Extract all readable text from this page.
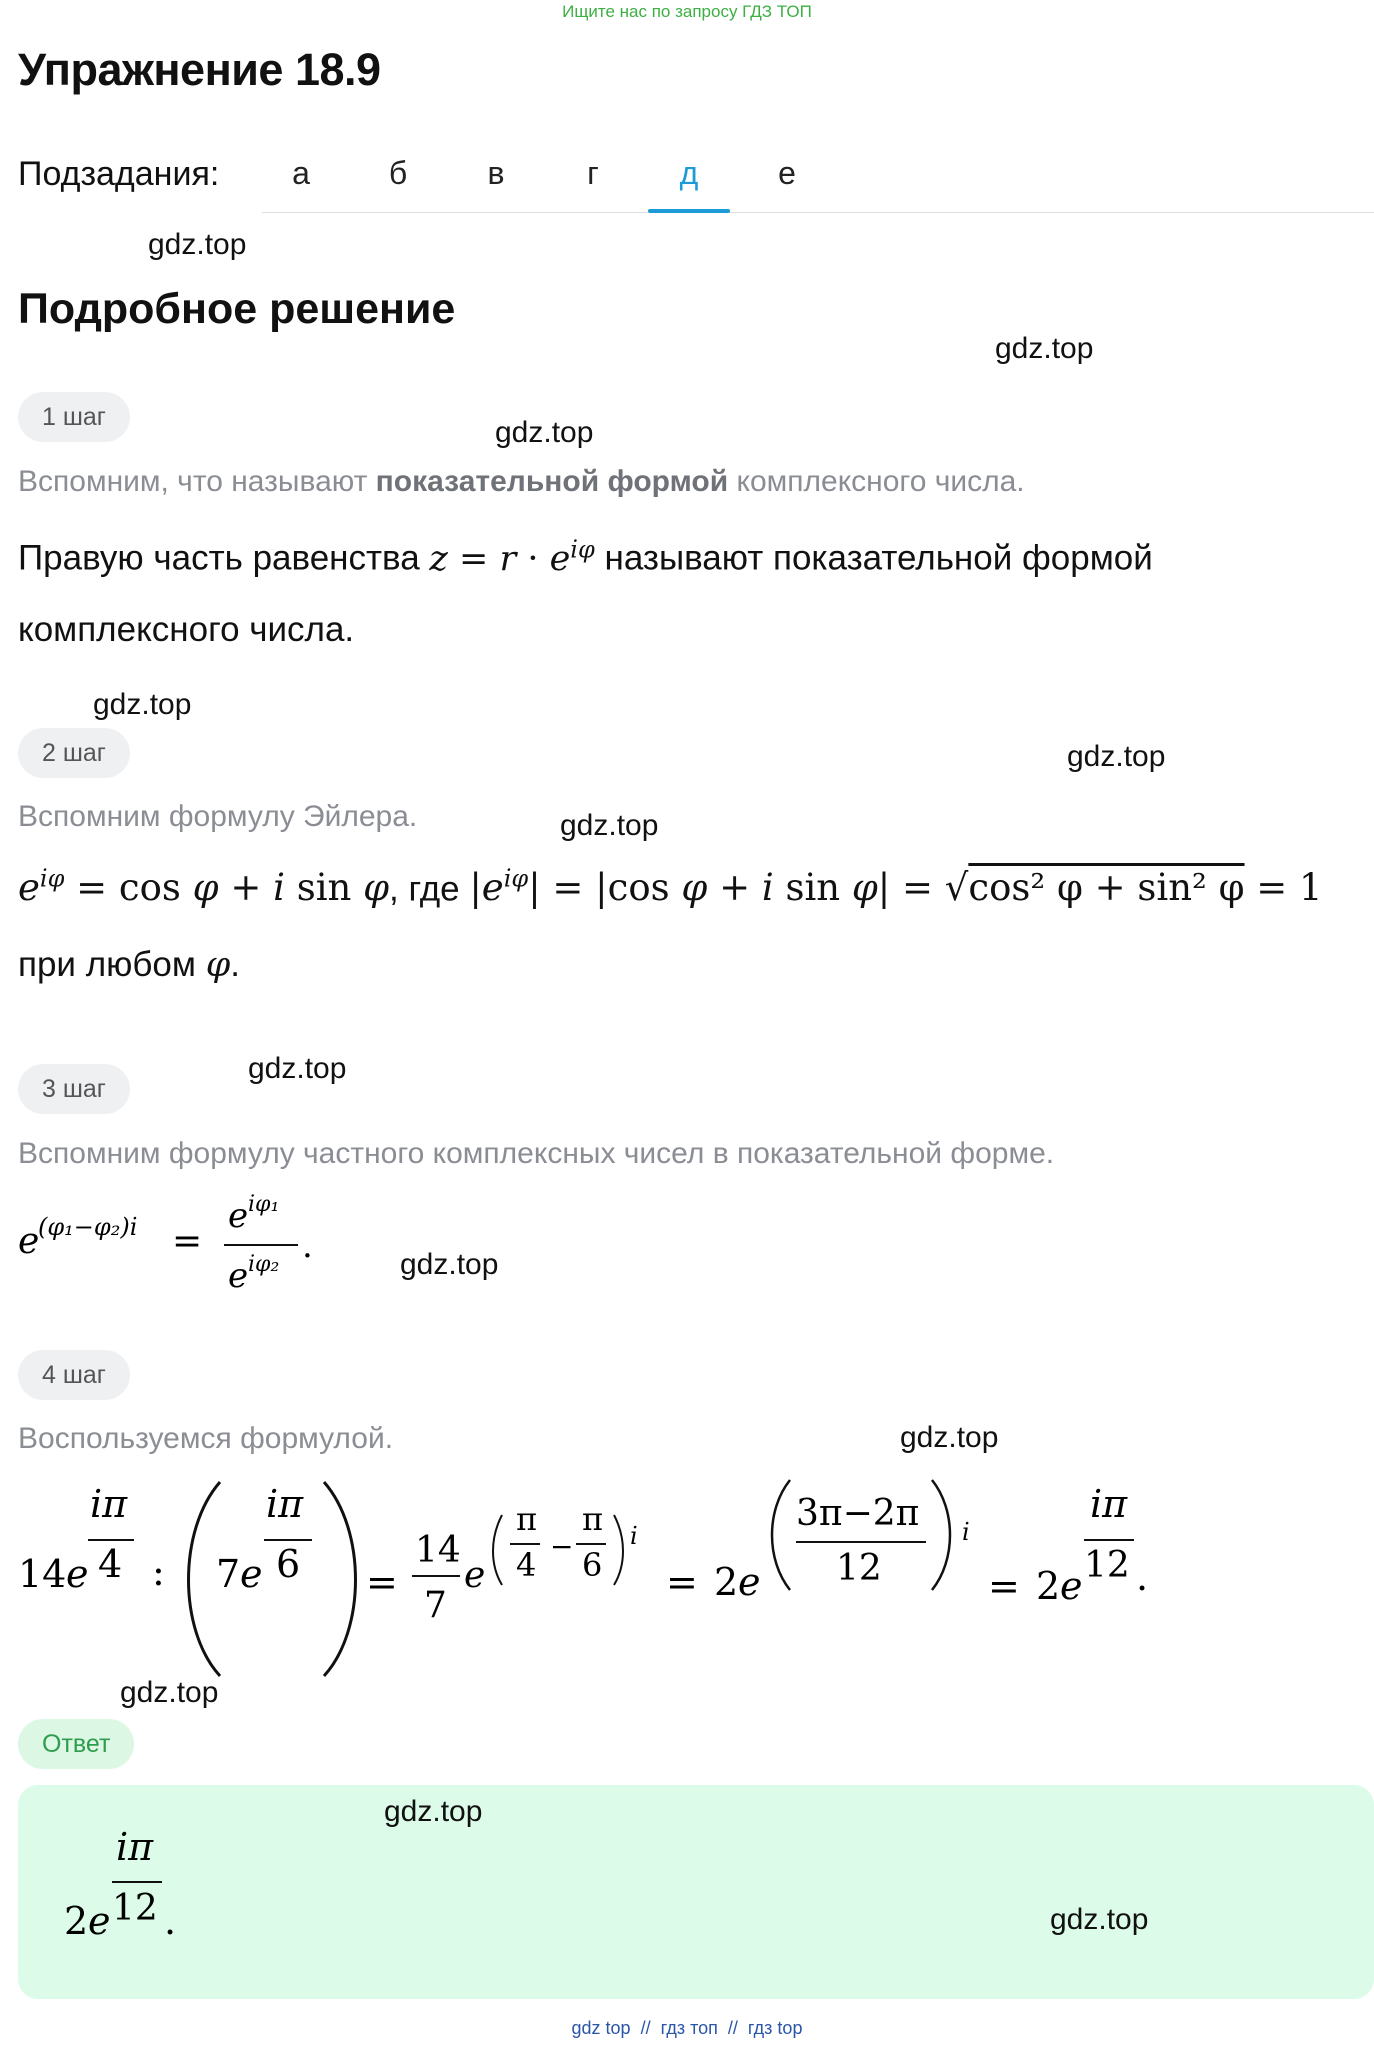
Ищите нас по запросу ГДЗ ТОП
Упражнение 18.9
Подзадания:	а	б	в	г	д	е
gdz.top
gdz.top
gdz.top
gdz.top
gdz.top
gdz.top
gdz.top
gdz.top
gdz.top
gdz.top
Подробное решение
1 шаг
Вспомним, что называют показательной формой комплексного числа.
Правую часть равенства $z = r \cdot e^{i\varphi}$ называют показательной формой
комплексного числа.
2 шаг
Вспомним формулу Эйлера.
$e^{i\varphi} = \cos \varphi + i$ sin φ, где $|e^{i\varphi}| = |\cos$ φ + i sin φ| = √cos² φ + sin² φ = 1
при любом φ.
3 шаг
Вспомним формулу частного комплексных чисел в показательной форме.
e
(φ₁−φ₂)i =
e iφ₁
e iφ₂ .
4 шаг
Воспользуемся формулой.
14 e
iπ
4 : 7 e
iπ
6 =
14
7
e
π
4 −
π
6
i
= 2 e
3π−2π
12
i
= 2 e
iπ
12 .
Ответ
gdz.top
gdz.top
2 e
iπ
12 .
gdz top  //  гдз топ  //  гдз top
